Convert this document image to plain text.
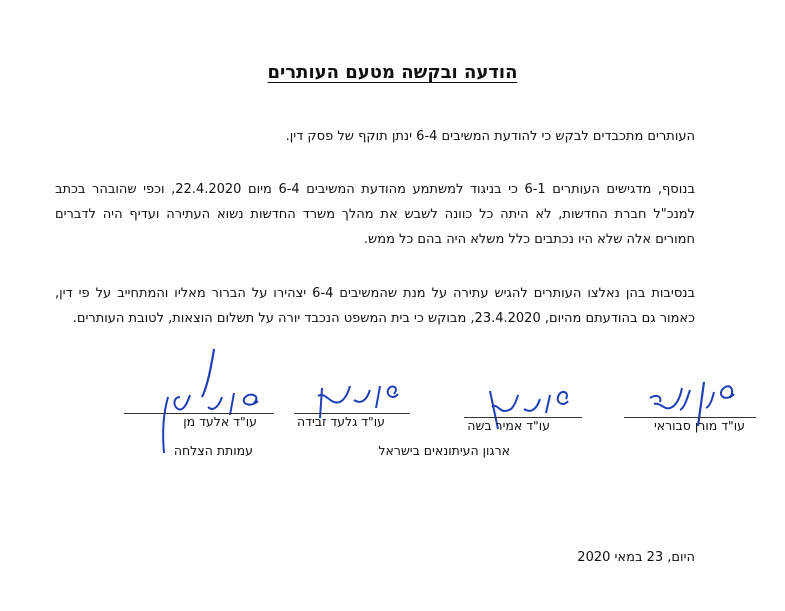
הודעה ובקשה מטעם העותרים
העותרים מתכבדים לבקש כי להודעת המשיבים 6-4 ינתן תוקף של פסק דין.
בנוסף, מדגישים העותרים 6-1 כי בניגוד למשתמע מהודעת המשיבים 6-4 מיום 22.4.2020, וכפי שהובהר בכתב למנכ"ל חברת החדשות, לא היתה כל כוונה לשבש את מהלך משרד החדשות נשוא העתירה ועדיף היה לדברים חמורים אלה שלא היו נכתבים כלל משלא היה בהם כל ממש.
בנסיבות בהן נאלצו העותרים להגיש עתירה על מנת שהמשיבים 6-4 יצהירו על הברור מאליו והמתחייב על פי דין, כאמור גם בהודעתם מהיום, 23.4.2020, מבוקש כי בית המשפט הנכבד יורה על תשלום הוצאות, לטובת העותרים.
עו"ד מורן סבוראי
עו"ד אמיר בשה
ארגון העיתונאים בישראל
עו"ד גלעד זבידה
עו"ד אלעד מן
עמותת הצלחה
היום, 23 במאי 2020
